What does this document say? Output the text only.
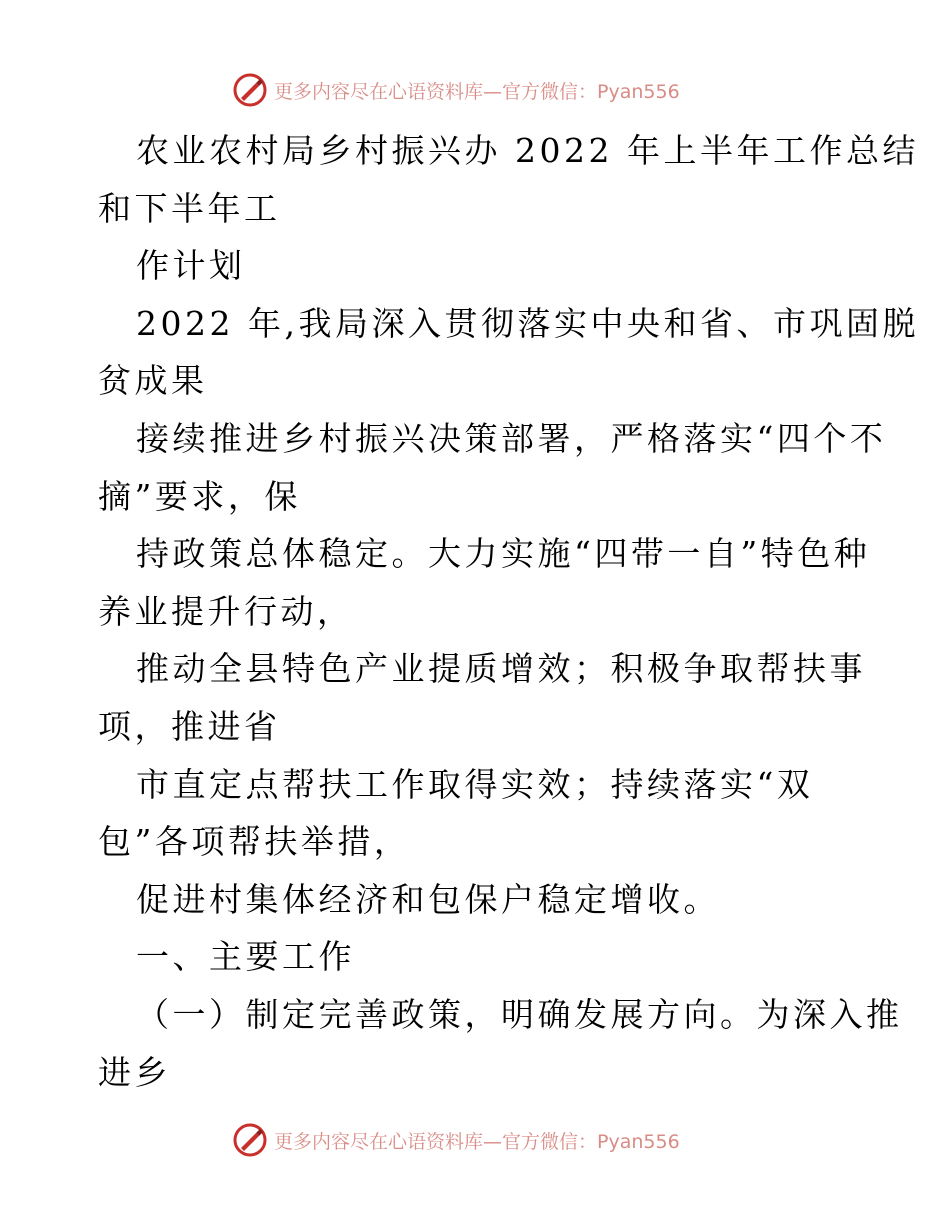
更多内容尽在心语资料库—官方微信：Pyan556
农业农村局乡村振兴办 2022 年上半年工作总结
和下半年工
作计划
2022 年,我局深入贯彻落实中央和省、市巩固脱
贫成果
接续推进乡村振兴决策部署，严格落实“四个不
摘”要求，保
持政策总体稳定。大力实施“四带一自”特色种
养业提升行动，
推动全县特色产业提质增效；积极争取帮扶事
项，推进省
市直定点帮扶工作取得实效；持续落实“双
包”各项帮扶举措，
促进村集体经济和包保户稳定增收。
一、主要工作
（一）制定完善政策，明确发展方向。为深入推
进乡
更多内容尽在心语资料库—官方微信：Pyan556
